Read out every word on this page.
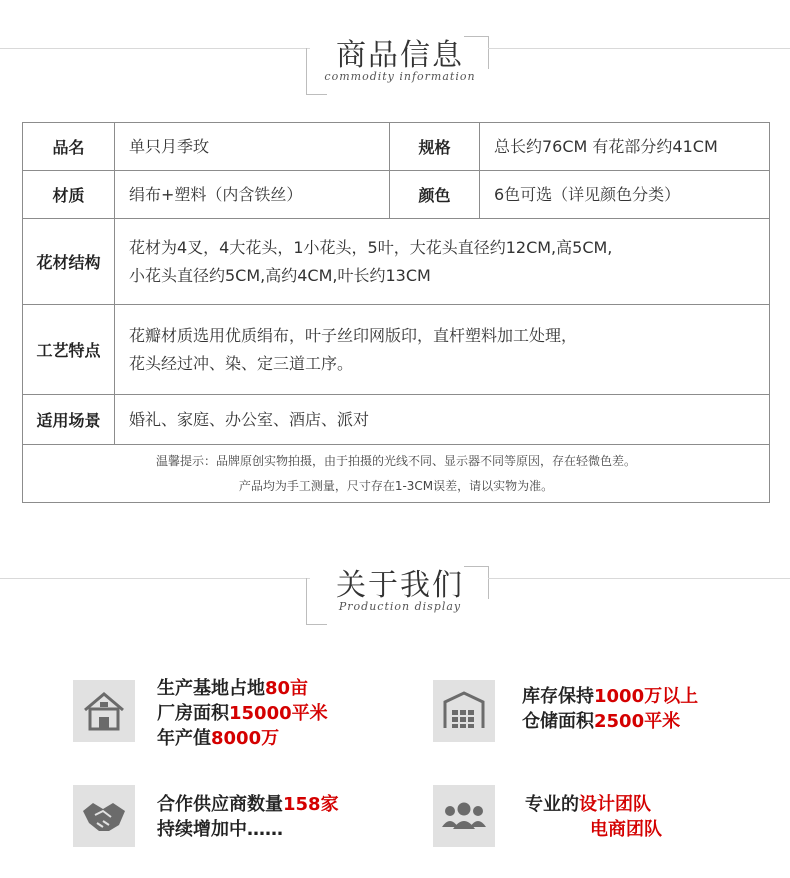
商品信息
commodity information
品名	单只月季玫	规格	总长约76CM 有花部分约41CM
材质	绢布+塑料（内含铁丝）	颜色	6色可选（详见颜色分类）
花材结构	花材为4叉，4大花头，1小花头，5叶，大花头直径约12CM,高5CM,
小花头直径约5CM,高约4CM,叶长约13CM		

工艺特点	花瓣材质选用优质绢布，叶子丝印网版印，直杆塑料加工处理，
花头经过冲、染、定三道工序。		

适用场景	婚礼、家庭、办公室、酒店、派对		

温馨提示：品牌原创实物拍摄，由于拍摄的光线不同、显示器不同等原因，存在轻微色差。
产品均为手工测量，尺寸存在1-3CM误差，请以实物为准。			
关于我们
Production display
生产基地占地80亩
厂房面积15000平米
年产值8000万
库存保持1000万以上
仓储面积2500平米
合作供应商数量158家
持续增加中……
专业的设计团队
电商团队
